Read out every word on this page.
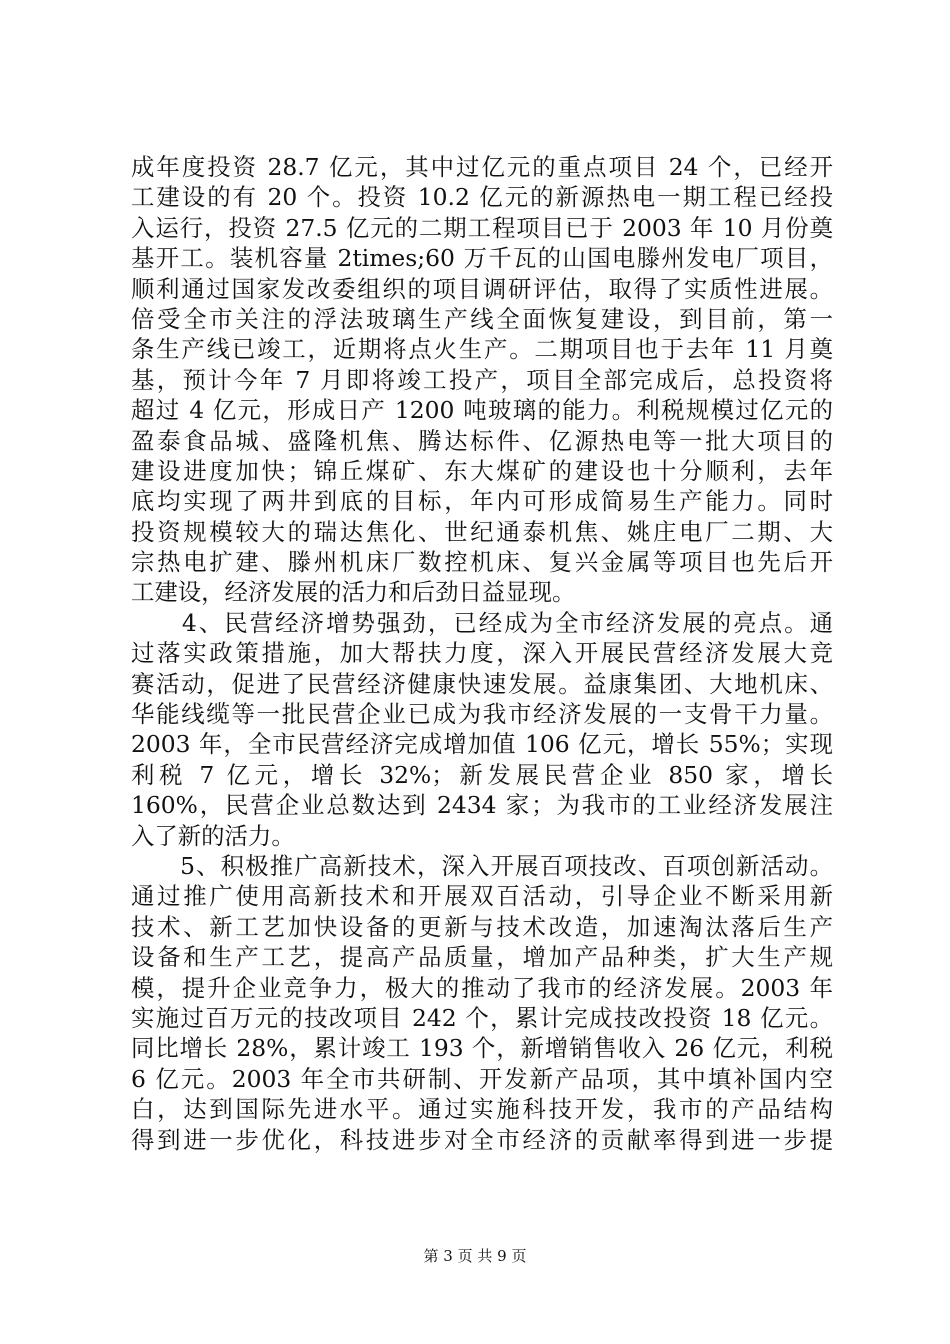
成年度投资 28.7 亿元，其中过亿元的重点项目 24 个，已经开
工建设的有 20 个。投资 10.2 亿元的新源热电一期工程已经投
入运行，投资 27.5 亿元的二期工程项目已于 2003 年 10 月份奠
基开工。装机容量 2times;60 万千瓦的山国电滕州发电厂项目，
顺利通过国家发改委组织的项目调研评估，取得了实质性进展。
倍受全市关注的浮法玻璃生产线全面恢复建设，到目前，第一
条生产线已竣工，近期将点火生产。二期项目也于去年 11 月奠
基，预计今年 7 月即将竣工投产，项目全部完成后，总投资将
超过 4 亿元，形成日产 1200 吨玻璃的能力。利税规模过亿元的
盈泰食品城、盛隆机焦、腾达标件、亿源热电等一批大项目的
建设进度加快；锦丘煤矿、东大煤矿的建设也十分顺利，去年
底均实现了两井到底的目标，年内可形成简易生产能力。同时
投资规模较大的瑞达焦化、世纪通泰机焦、姚庄电厂二期、大
宗热电扩建、滕州机床厂数控机床、复兴金属等项目也先后开
工建设，经济发展的活力和后劲日益显现。
　　4、民营经济增势强劲，已经成为全市经济发展的亮点。通
过落实政策措施，加大帮扶力度，深入开展民营经济发展大竞
赛活动，促进了民营经济健康快速发展。益康集团、大地机床、
华能线缆等一批民营企业已成为我市经济发展的一支骨干力量。
2003 年，全市民营经济完成增加值 106 亿元，增长 55%；实现
利税 7 亿元，增长 32%；新发展民营企业 850 家，增长
160%，民营企业总数达到 2434 家；为我市的工业经济发展注
入了新的活力。
　　5、积极推广高新技术，深入开展百项技改、百项创新活动。
通过推广使用高新技术和开展双百活动，引导企业不断采用新
技术、新工艺加快设备的更新与技术改造，加速淘汰落后生产
设备和生产工艺，提高产品质量，增加产品种类，扩大生产规
模，提升企业竞争力，极大的推动了我市的经济发展。2003 年
实施过百万元的技改项目 242 个，累计完成技改投资 18 亿元。
同比增长 28%，累计竣工 193 个，新增销售收入 26 亿元，利税
6 亿元。2003 年全市共研制、开发新产品项，其中填补国内空
白，达到国际先进水平。通过实施科技开发，我市的产品结构
得到进一步优化，科技进步对全市经济的贡献率得到进一步提
第 3 页 共 9 页
